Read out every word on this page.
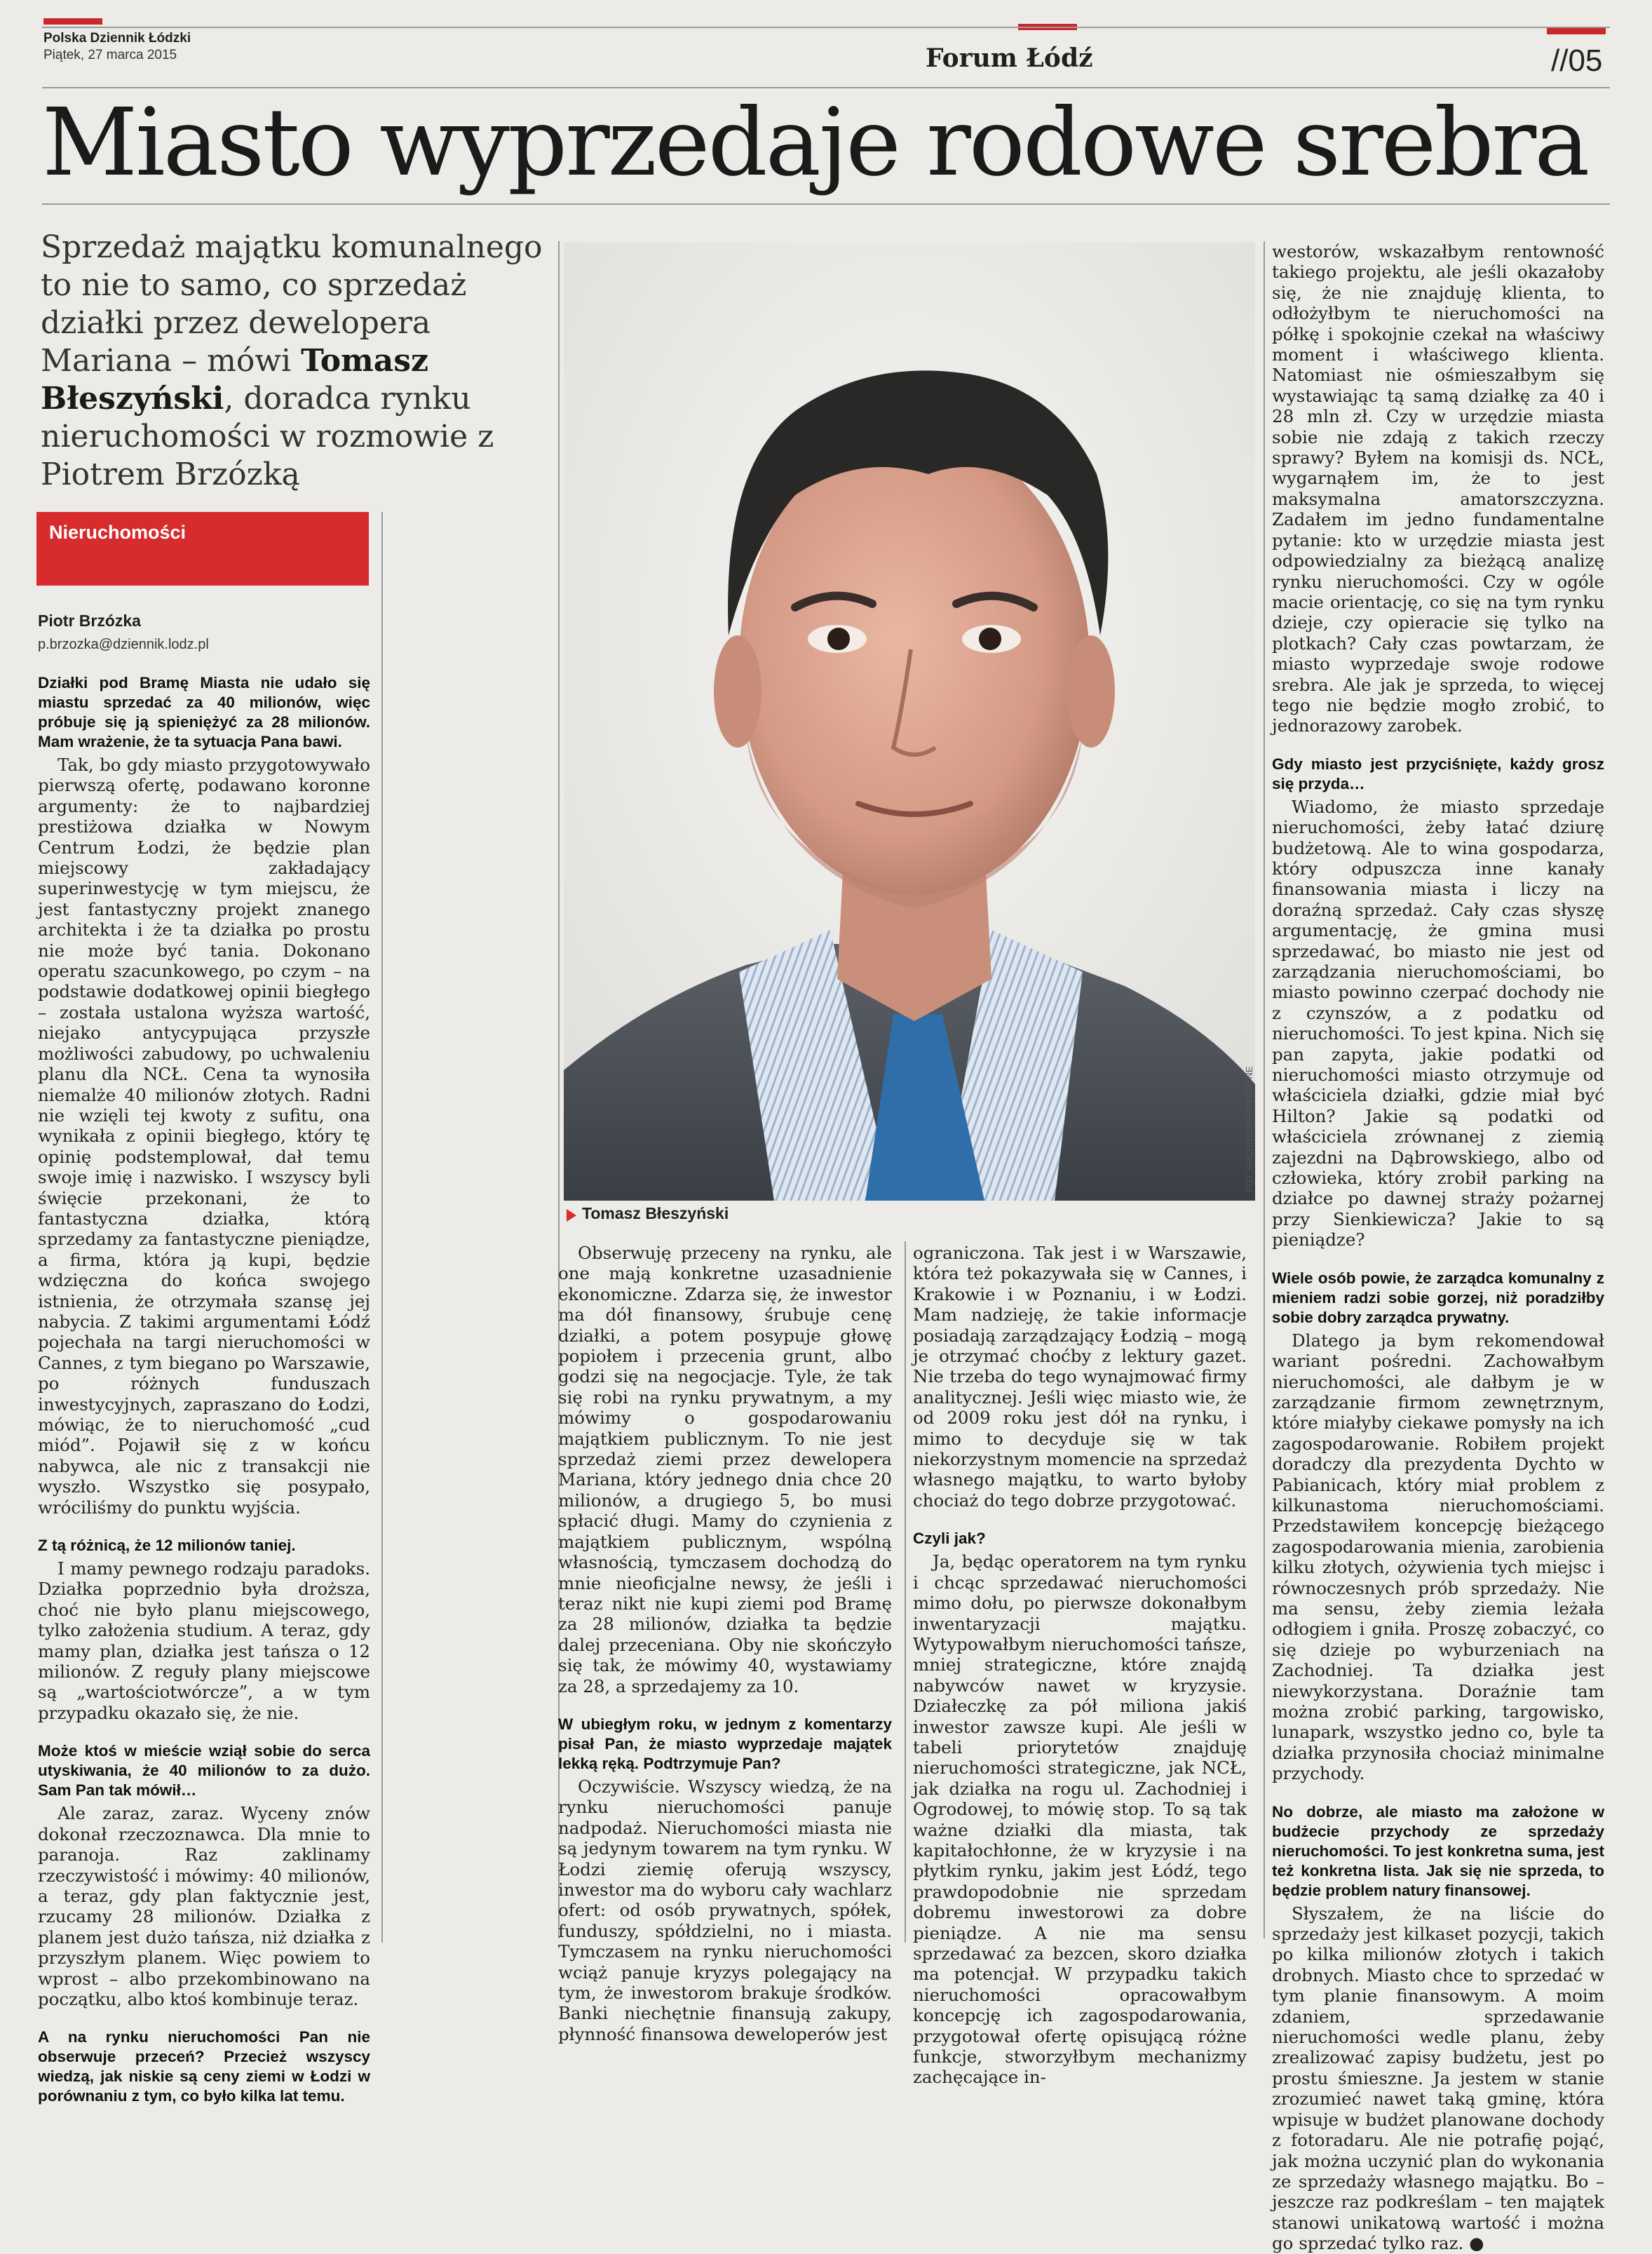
Polska Dziennik Łódzki
Piątek, 27 marca 2015	Forum Łódź	//05
Miasto wyprzedaje rodowe srebra
Sprzedaż majątku komunalnego to nie to samo, co sprzedaż działki przez dewelopera Mariana – mówi Tomasz Błeszyński, doradca rynku nieruchomości w rozmowie z Piotrem Brzózką
Nieruchomości
Piotr Brzózka
p.brzozka@dziennik.lodz.pl

Działki pod Bramę Miasta nie udało się miastu sprzedać za 40 milionów, więc próbuje się ją spieniężyć za 28 milionów. Mam wrażenie, że ta sytuacja Pana bawi.

Tak, bo gdy miasto przygotowywało pierwszą ofertę, podawano koronne argumenty: że to najbardziej prestiżowa działka w Nowym Centrum Łodzi, że będzie plan miejscowy zakładający superinwestycję w tym miejscu, że jest fantastyczny projekt znanego architekta i że ta działka po prostu nie może być tania. Dokonano operatu szacunkowego, po czym – na podstawie dodatkowej opinii biegłego – została ustalona wyższa wartość, niejako antycypująca przyszłe możliwości zabudowy, po uchwaleniu planu dla NCŁ. Cena ta wynosiła niemalże 40 milionów złotych. Radni nie wzięli tej kwoty z sufitu, ona wynikała z opinii biegłego, który tę opinię podstemplował, dał temu swoje imię i nazwisko. I wszyscy byli święcie przekonani, że to fantastyczna działka, którą sprzedamy za fantastyczne pieniądze, a firma, która ją kupi, będzie wdzięczna do końca swojego istnienia, że otrzymała szansę jej nabycia. Z takimi argumentami Łódź pojechała na targi nieruchomości w Cannes, z tym biegano po Warszawie, po różnych funduszach inwestycyjnych, zapraszano do Łodzi, mówiąc, że to nieruchomość „cud miód”. Pojawił się z w końcu nabywca, ale nic z transakcji nie wyszło. Wszystko się posypało, wróciliśmy do punktu wyjścia.

Z tą różnicą, że 12 milionów taniej.

I mamy pewnego rodzaju paradoks. Działka poprzednio była droższa, choć nie było planu miejscowego, tylko założenia studium. A teraz, gdy mamy plan, działka jest tańsza o 12 milionów. Z reguły plany miejscowe są „wartościotwórcze”, a w tym przypadku okazało się, że nie.

Może ktoś w mieście wziął sobie do serca utyskiwania, że 40 milionów to za dużo. Sam Pan tak mówił…

Ale zaraz, zaraz. Wyceny znów dokonał rzeczoznawca. Dla mnie to paranoja. Raz zaklinamy rzeczywistość i mówimy: 40 milionów, a teraz, gdy plan faktycznie jest, rzucamy 28 milionów. Działka z planem jest dużo tańsza, niż działka z przyszłym planem. Więc powiem to wprost – albo przekombinowano na początku, albo ktoś kombinuje teraz.

A na rynku nieruchomości Pan nie obserwuje przeceń? Przecież wszyscy wiedzą, jak niskie są ceny ziemi w Łodzi w porównaniu z tym, co było kilka lat temu.

FOT. ARCHIWUM PRYWATNE
Tomasz Błeszyński

Obserwuję przeceny na rynku, ale one mają konkretne uzasadnienie ekonomiczne. Zdarza się, że inwestor ma dół finansowy, śrubuje cenę działki, a potem posypuje głowę popiołem i przecenia grunt, albo godzi się na negocjacje. Tyle, że tak się robi na rynku prywatnym, a my mówimy o gospodarowaniu majątkiem publicznym. To nie jest sprzedaż ziemi przez dewelopera Mariana, który jednego dnia chce 20 milionów, a drugiego 5, bo musi spłacić długi. Mamy do czynienia z majątkiem publicznym, wspólną własnością, tymczasem dochodzą do mnie nieoficjalne newsy, że jeśli i teraz nikt nie kupi ziemi pod Bramę za 28 milionów, działka ta będzie dalej przeceniana. Oby nie skończyło się tak, że mówimy 40, wystawiamy za 28, a sprzedajemy za 10.

W ubiegłym roku, w jednym z komentarzy pisał Pan, że miasto wyprzedaje majątek lekką ręką. Podtrzymuje Pan?

Oczywiście. Wszyscy wiedzą, że na rynku nieruchomości panuje nadpodaż. Nieruchomości miasta nie są jedynym towarem na tym rynku. W Łodzi ziemię oferują wszyscy, inwestor ma do wyboru cały wachlarz ofert: od osób prywatnych, spółek, funduszy, spółdzielni, no i miasta. Tymczasem na rynku nieruchomości wciąż panuje kryzys polegający na tym, że inwestorom brakuje środków. Banki niechętnie finansują zakupy, płynność finansowa deweloperów jest

ograniczona. Tak jest i w Warszawie, która też pokazywała się w Cannes, i Krakowie i w Poznaniu, i w Łodzi. Mam nadzieję, że takie informacje posiadają zarządzający Łodzią – mogą je otrzymać choćby z lektury gazet. Nie trzeba do tego wynajmować firmy analitycznej. Jeśli więc miasto wie, że od 2009 roku jest dół na rynku, i mimo to decyduje się w tak niekorzystnym momencie na sprzedaż własnego majątku, to warto byłoby chociaż do tego dobrze przygotować.

Czyli jak?

Ja, będąc operatorem na tym rynku i chcąc sprzedawać nieruchomości mimo dołu, po pierwsze dokonałbym inwentaryzacji majątku. Wytypowałbym nieruchomości tańsze, mniej strategiczne, które znajdą nabywców nawet w kryzysie. Działeczkę za pół miliona jakiś inwestor zawsze kupi. Ale jeśli w tabeli priorytetów znajduję nieruchomości strategiczne, jak NCŁ, jak działka na rogu ul. Zachodniej i Ogrodowej, to mówię stop. To są tak ważne działki dla miasta, tak kapitałochłonne, że w kryzysie i na płytkim rynku, jakim jest Łódź, tego prawdopodobnie nie sprzedam dobremu inwestorowi za dobre pieniądze. A nie ma sensu sprzedawać za bezcen, skoro działka ma potencjał. W przypadku takich nieruchomości opracowałbym koncepcję ich zagospodarowania, przygotował ofertę opisującą różne funkcje, stworzyłbym mechanizmy zachęcające in-

westorów, wskazałbym rentowność takiego projektu, ale jeśli okazałoby się, że nie znajduję klienta, to odłożyłbym te nieruchomości na półkę i spokojnie czekał na właściwy moment i właściwego klienta. Natomiast nie ośmieszałbym się wystawiając tą samą działkę za 40 i 28 mln zł. Czy w urzędzie miasta sobie nie zdają z takich rzeczy sprawy? Byłem na komisji ds. NCŁ, wygarnąłem im, że to jest maksymalna amatorszczyzna. Zadałem im jedno fundamentalne pytanie: kto w urzędzie miasta jest odpowiedzialny za bieżącą analizę rynku nieruchomości. Czy w ogóle macie orientację, co się na tym rynku dzieje, czy opieracie się tylko na plotkach? Cały czas powtarzam, że miasto wyprzedaje swoje rodowe srebra. Ale jak je sprzeda, to więcej tego nie będzie mogło zrobić, to jednorazowy zarobek.

Gdy miasto jest przyciśnięte, każdy grosz się przyda…

Wiadomo, że miasto sprzedaje nieruchomości, żeby łatać dziurę budżetową. Ale to wina gospodarza, który odpuszcza inne kanały finansowania miasta i liczy na doraźną sprzedaż. Cały czas słyszę argumentację, że gmina musi sprzedawać, bo miasto nie jest od zarządzania nieruchomościami, bo miasto powinno czerpać dochody nie z czynszów, a z podatku od nieruchomości. To jest kpina. Nich się pan zapyta, jakie podatki od nieruchomości miasto otrzymuje od właściciela działki, gdzie miał być Hilton? Jakie są podatki od właściciela zrównanej z ziemią zajezdni na Dąbrowskiego, albo od człowieka, który zrobił parking na działce po dawnej straży pożarnej przy Sienkiewicza? Jakie to są pieniądze?

Wiele osób powie, że zarządca komunalny z mieniem radzi sobie gorzej, niż poradziłby sobie dobry zarządca prywatny.

Dlatego ja bym rekomendował wariant pośredni. Zachowałbym nieruchomości, ale dałbym je w zarządzanie firmom zewnętrznym, które miałyby ciekawe pomysły na ich zagospodarowanie. Robiłem projekt doradczy dla prezydenta Dychto w Pabianicach, który miał problem z kilkunastoma nieruchomościami. Przedstawiłem koncepcję bieżącego zagospodarowania mienia, zarobienia kilku złotych, ożywienia tych miejsc i równoczesnych prób sprzedaży. Nie ma sensu, żeby ziemia leżała odłogiem i gniła. Proszę zobaczyć, co się dzieje po wyburzeniach na Zachodniej. Ta działka jest niewykorzystana. Doraźnie tam można zrobić parking, targowisko, lunapark, wszystko jedno co, byle ta działka przynosiła chociaż minimalne przychody.

No dobrze, ale miasto ma założone w budżecie przychody ze sprzedaży nieruchomości. To jest konkretna suma, jest też konkretna lista. Jak się nie sprzeda, to będzie problem natury finansowej.

Słyszałem, że na liście do sprzedaży jest kilkaset pozycji, takich po kilka milionów złotych i takich drobnych. Miasto chce to sprzedać w tym planie finansowym. A moim zdaniem, sprzedawanie nieruchomości wedle planu, żeby zrealizować zapisy budżetu, jest po prostu śmieszne. Ja jestem w stanie zrozumieć nawet taką gminę, która wpisuje w budżet planowane dochody z fotoradaru. Ale nie potrafię pojąć, jak można uczynić plan do wykonania ze sprzedaży własnego majątku. Bo – jeszcze raz podkreślam – ten majątek stanowi unikatową wartość i można go sprzedać tylko raz. ●
